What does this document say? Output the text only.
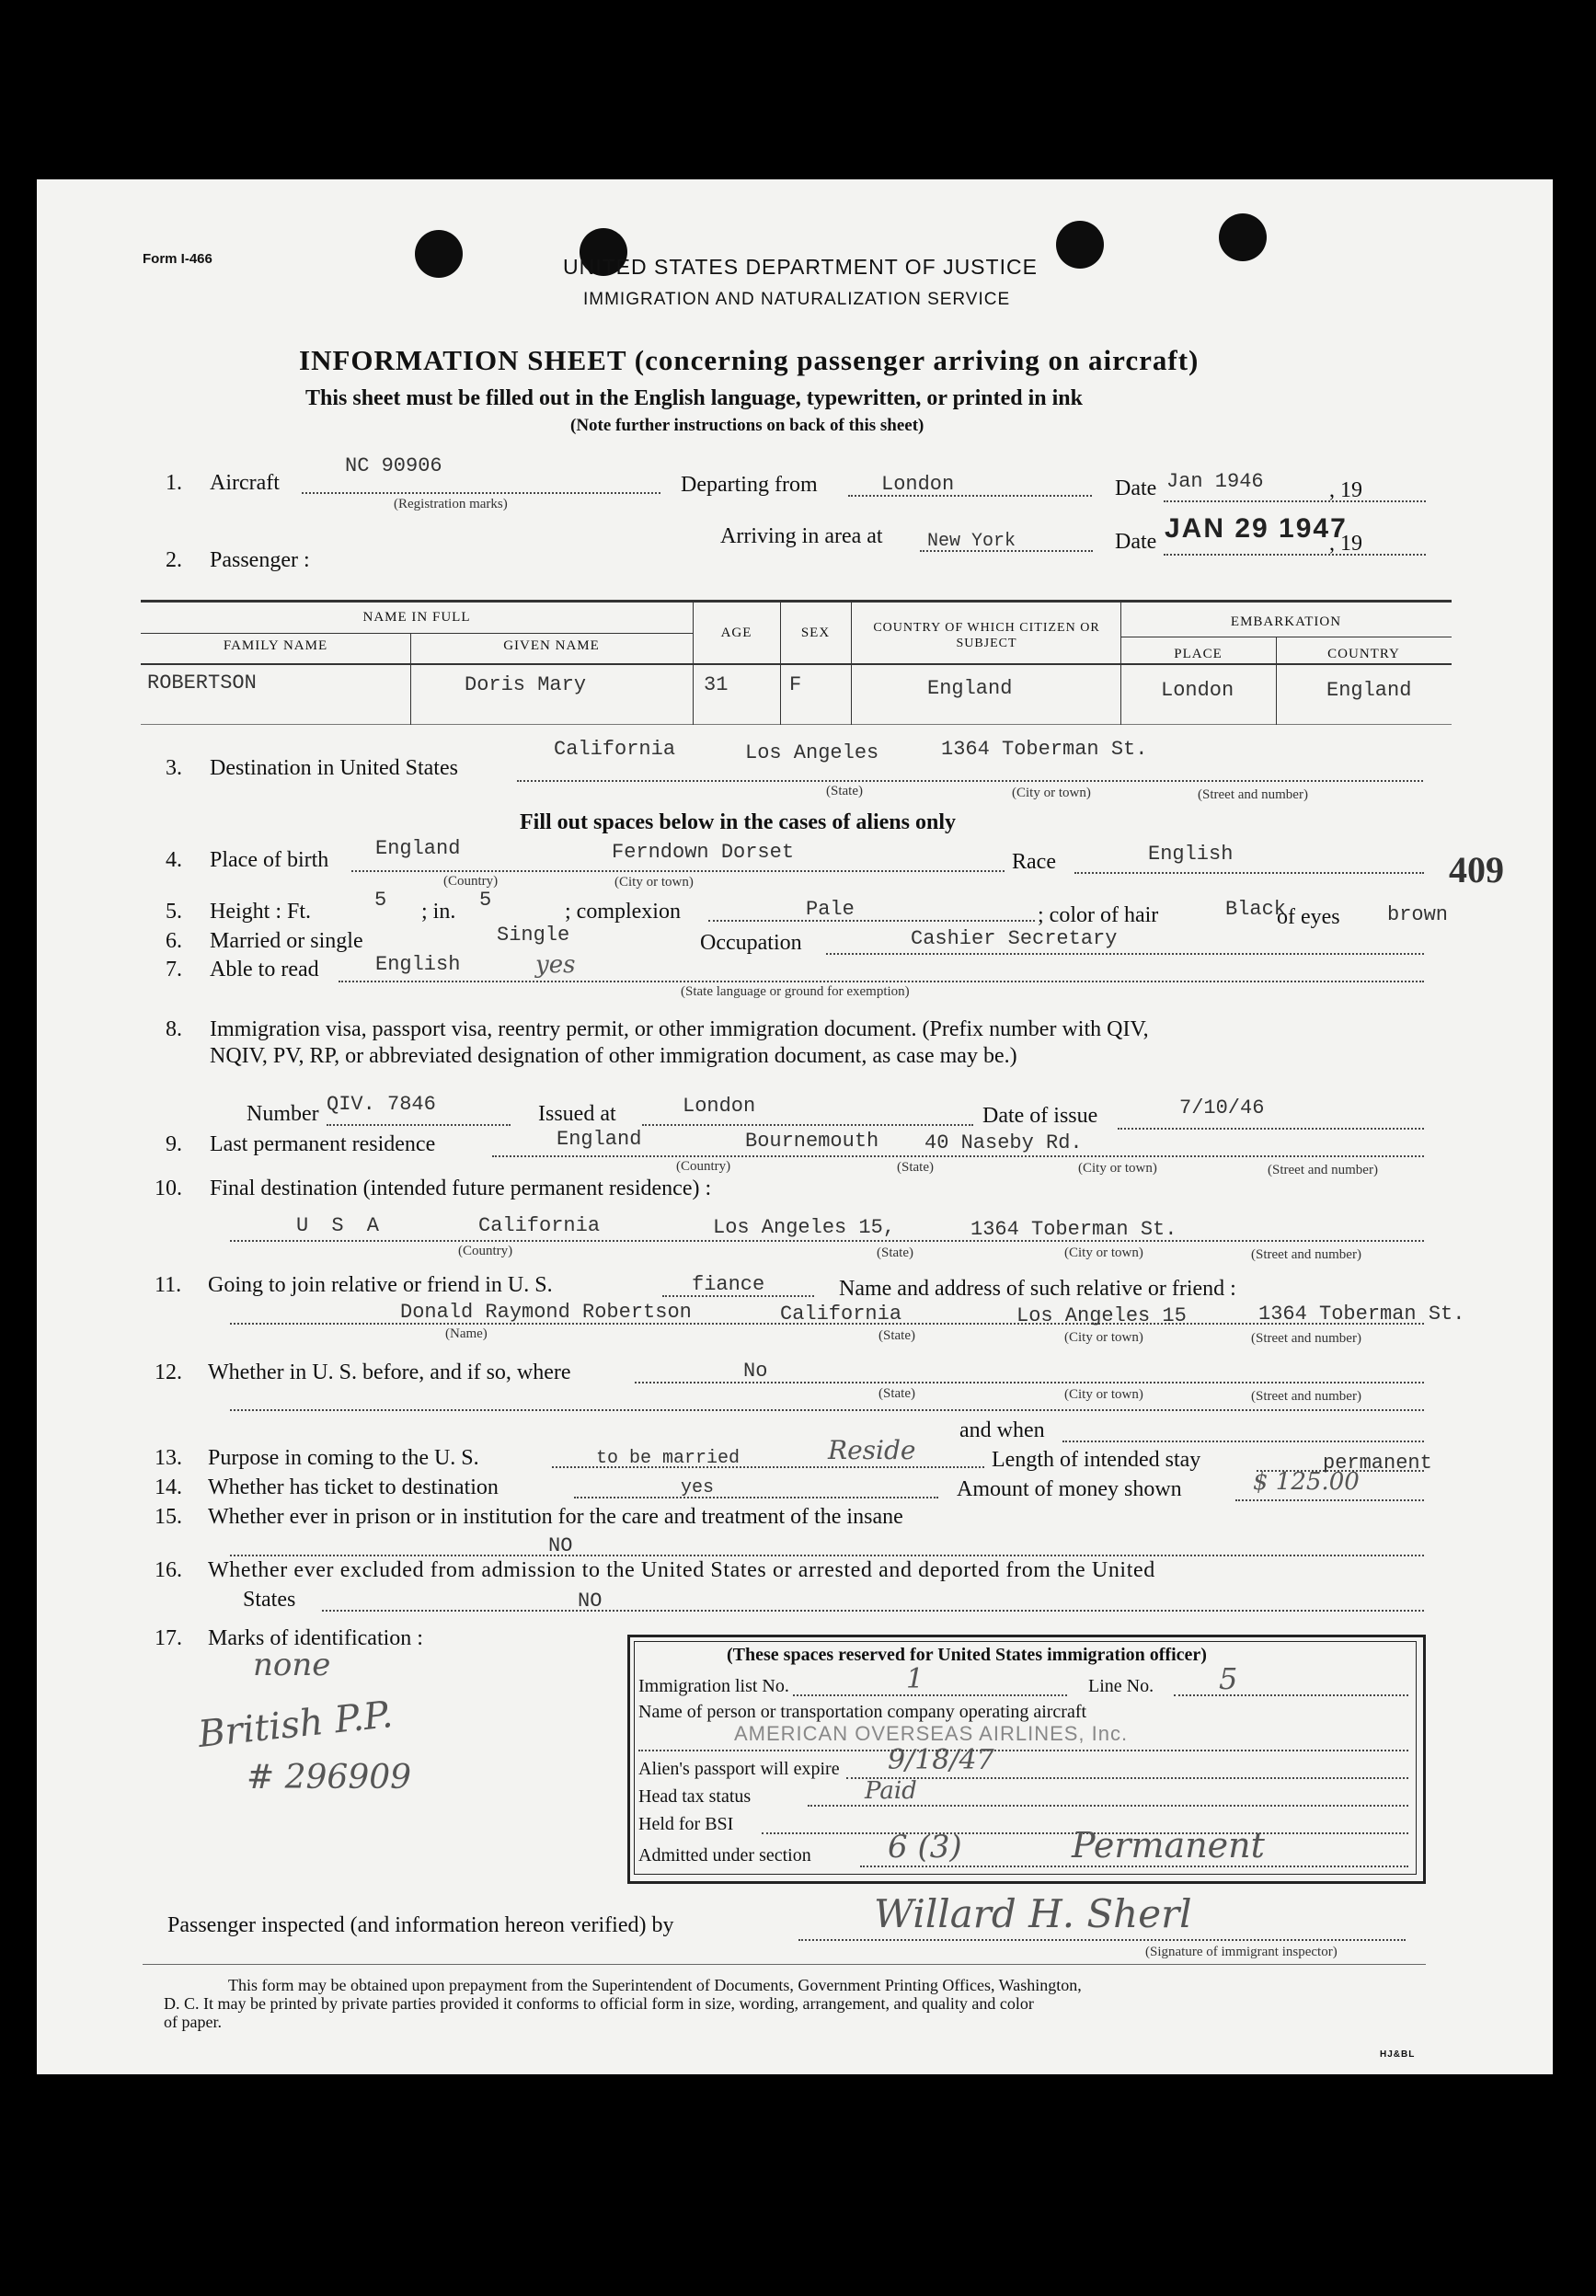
Form I-466	UNITED STATES DEPARTMENT OF JUSTICE
IMMIGRATION AND NATURALIZATION SERVICE
INFORMATION SHEET (concerning passenger arriving on aircraft)
This sheet must be filled out in the English language, typewritten, or printed in ink
(Note further instructions on back of this sheet)
409
1. Aircraft
NC 90906
(Registration marks)
Departing from	London	Date Jan 1946	, 19
Arriving in area at New York	Date JAN 29 1947
, 19
2. Passenger :
NAME IN FULL
FAMILY NAME	GIVEN NAME
AGE	SEX	COUNTRY OF WHICH CITIZEN OR SUBJECT
EMBARKATION
PLACE	COUNTRY
ROBERTSON	Doris Mary	31	F	England	London	England
3. Destination in United States
California	Los Angeles	1364 Toberman St.
(State)	(City or town)	(Street and number)
Fill out spaces below in the cases of aliens only
4. Place of birth England	Ferndown Dorset
(Country)	(City or town)
Race	English
5. Height : Ft.	5 ; in. 5	; complexion	Pale	; color of hair	Black
of eyes brown
6. Married or single	Single	Occupation	Cashier Secretary
7. Able to read	English	yes
(State language or ground for exemption)
8. Immigration visa, passport visa, reentry permit, or other immigration document. (Prefix number with QIV,
NQIV, PV, RP, or abbreviated designation of other immigration document, as case may be.)
Number QIV. 7846	Issued at	London	Date of issue	7/10/46
9. Last permanent residence	England	Bournemouth 40 Naseby Rd.
(Country)	(State)	(City or town)	(Street and number)
10. Final destination (intended future permanent residence) :
U S A	California	Los Angeles 15,	1364 Toberman St.
(Country)	(State)	(City or town)	(Street and number)
11. Going to join relative or friend in U. S.	fiance	Name and address of such relative or friend :
Donald Raymond Robertson	California	Los Angeles 15	1364 Toberman St.
(Name)	(State)	(City or town)	(Street and number)
12. Whether in U. S. before, and if so, where	No
(State)	(City or town)	(Street and number)
and when
13. Purpose in coming to the U. S.	to be married	Reside	Length of intended stay	permanent
14. Whether has ticket to destination	yes	Amount of money shown	$ 125.00
15. Whether ever in prison or in institution for the care and treatment of the insane
NO
16. Whether ever excluded from admission to the United States or arrested and deported from the United
States	NO
17. Marks of identification :
none
British P.P.
# 296909
(These spaces reserved for United States immigration officer)
Immigration list No.	1	Line No. 5
Name of person or transportation company operating aircraft
AMERICAN OVERSEAS AIRLINES, Inc.
Alien's passport will expire 9/18/47
Head tax status	Paid
Held for BSI
Admitted under section 6 (3)	Permanent
Passenger inspected (and information hereon verified) by	Willard H. Sherl
(Signature of immigrant inspector)
This form may be obtained upon prepayment from the Superintendent of Documents, Government Printing Offices, Washington,
D. C. It may be printed by private parties provided it conforms to official form in size, wording, arrangement, and quality and color
of paper.
HJ&BL
